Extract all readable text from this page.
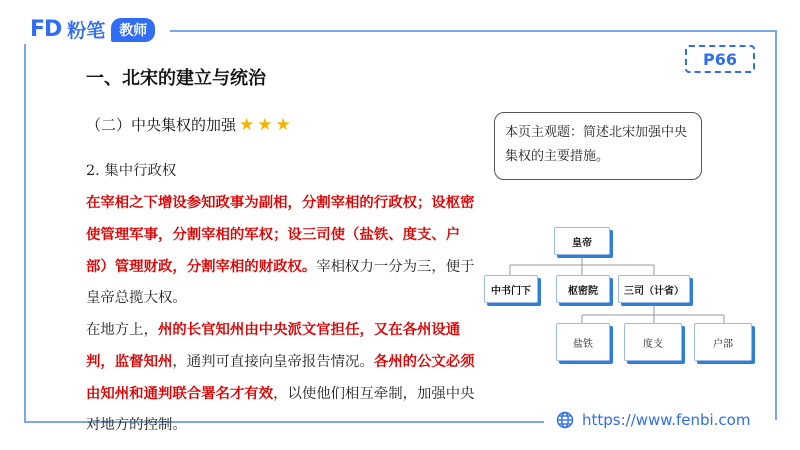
FD 粉笔	教师
P66
一、北宋的建立与统治
（二）中央集权的加强 ★ ★ ★
2. 集中行政权
在宰相之下增设参知政事为副相，分割宰相的行政权；设枢密使管理军事，分割宰相的军权；设三司使（盐铁、度支、户部）管理财政，分割宰相的财政权。宰相权力一分为三，便于皇帝总揽大权。
在地方上，州的长官知州由中央派文官担任，又在各州设通判，监督知州，通判可直接向皇帝报告情况。各州的公文必须由知州和通判联合署名才有效，以使他们相互牵制，加强中央对地方的控制。
本页主观题：简述北宋加强中央集权的主要措施。
皇帝
中书门下	枢密院	三司（计省）
盐铁	度支	户部
https://www.fenbi.com
